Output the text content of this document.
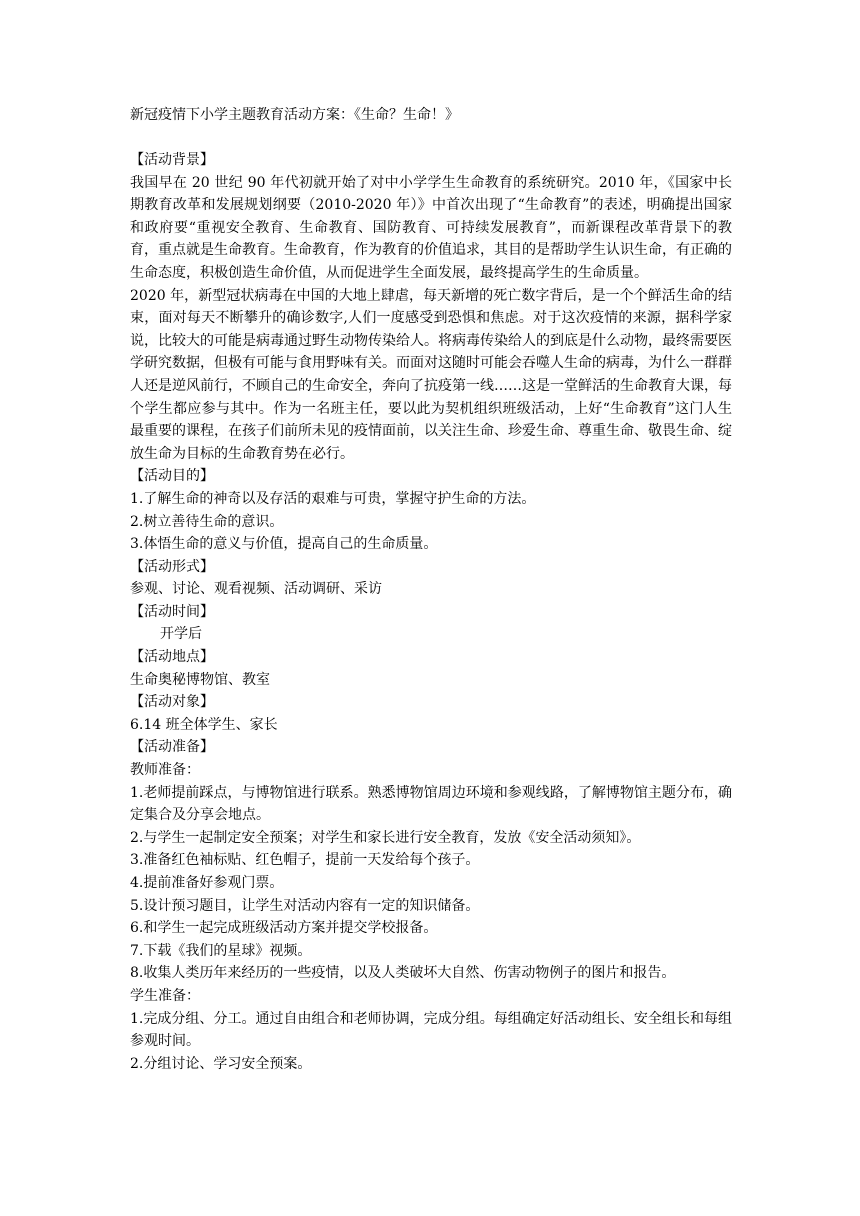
新冠疫情下小学主题教育活动方案：《生命？生命！》

【活动背景】

我国早在 20 世纪 90 年代初就开始了对中小学学生生命教育的系统研究。2010 年，《国家中长期教育改革和发展规划纲要（2010-2020 年）》中首次出现了“生命教育”的表述，明确提出国家和政府要“重视安全教育、生命教育、国防教育、可持续发展教育”，而新课程改革背景下的教育，重点就是生命教育。生命教育，作为教育的价值追求，其目的是帮助学生认识生命，有正确的生命态度，积极创造生命价值，从而促进学生全面发展，最终提高学生的生命质量。

2020 年，新型冠状病毒在中国的大地上肆虐，每天新增的死亡数字背后，是一个个鲜活生命的结束，面对每天不断攀升的确诊数字,人们一度感受到恐惧和焦虑。对于这次疫情的来源，据科学家说，比较大的可能是病毒通过野生动物传染给人。将病毒传染给人的到底是什么动物，最终需要医学研究数据，但极有可能与食用野味有关。而面对这随时可能会吞噬人生命的病毒，为什么一群群人还是逆风前行，不顾自己的生命安全，奔向了抗疫第一线……这是一堂鲜活的生命教育大课，每个学生都应参与其中。作为一名班主任，要以此为契机组织班级活动，上好“生命教育”这门人生最重要的课程，在孩子们前所未见的疫情面前，以关注生命、珍爱生命、尊重生命、敬畏生命、绽放生命为目标的生命教育势在必行。

【活动目的】

1.了解生命的神奇以及存活的艰难与可贵，掌握守护生命的方法。

2.树立善待生命的意识。

3.体悟生命的意义与价值，提高自己的生命质量。

【活动形式】

参观、讨论、观看视频、活动调研、采访

【活动时间】

开学后

【活动地点】

生命奥秘博物馆、教室

【活动对象】

6.14 班全体学生、家长

【活动准备】

教师准备：

1.老师提前踩点，与博物馆进行联系。熟悉博物馆周边环境和参观线路，了解博物馆主题分布，确定集合及分享会地点。

2.与学生一起制定安全预案；对学生和家长进行安全教育，发放《安全活动须知》。

3.准备红色袖标贴、红色帽子，提前一天发给每个孩子。

4.提前准备好参观门票。

5.设计预习题目，让学生对活动内容有一定的知识储备。

6.和学生一起完成班级活动方案并提交学校报备。

7.下载《我们的星球》视频。

8.收集人类历年来经历的一些疫情，以及人类破坏大自然、伤害动物例子的图片和报告。

学生准备：

1.完成分组、分工。通过自由组合和老师协调，完成分组。每组确定好活动组长、安全组长和每组参观时间。

2.分组讨论、学习安全预案。
